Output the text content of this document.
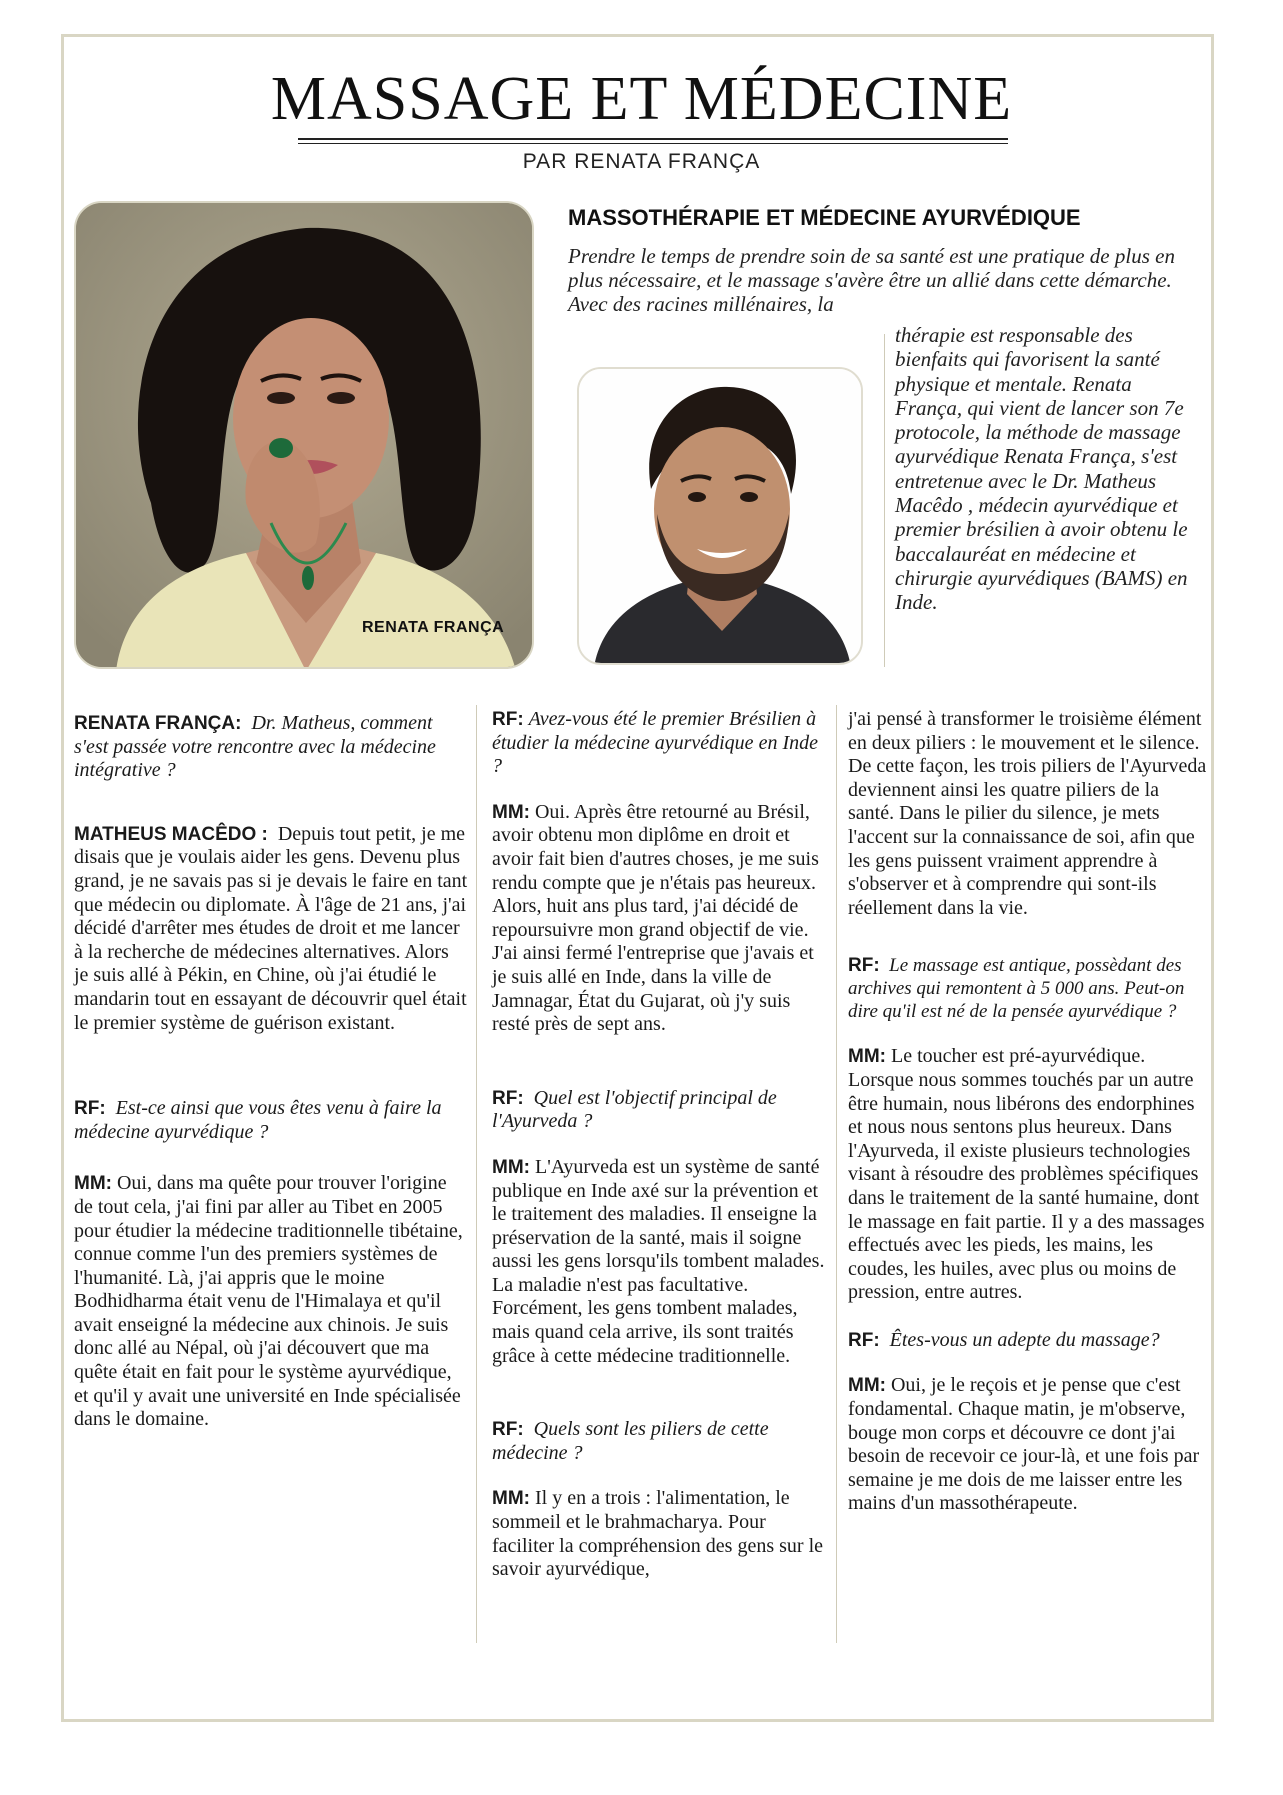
MASSAGE ET MÉDECINE
PAR RENATA FRANÇA
RENATA FRANÇA
MASSOTHÉRAPIE ET MÉDECINE AYURVÉDIQUE
Prendre le temps de prendre soin de sa santé est une pratique de plus en plus nécessaire, et le massage s'avère être un allié dans cette démarche. Avec des racines millénaires, la
thérapie est responsable des bienfaits qui favorisent la santé physique et mentale. Renata França, qui vient de lancer son 7e protocole, la méthode de massage ayurvédique Renata França, s'est entretenue avec le Dr. Matheus Macêdo , médecin ayurvédique et premier brésilien à avoir obtenu le baccalauréat en médecine et chirurgie ayurvédiques (BAMS) en Inde.

RENATA FRANÇA: Dr. Matheus, comment s'est passée votre rencontre avec la médecine intégrative ?

MATHEUS MACÊDO : Depuis tout petit, je me disais que je voulais aider les gens. Devenu plus grand, je ne savais pas si je devais le faire en tant que médecin ou diplomate. À l'âge de 21 ans, j'ai décidé d'arrêter mes études de droit et me lancer à la recherche de médecines alternatives. Alors je suis allé à Pékin, en Chine, où j'ai étudié le mandarin tout en essayant de découvrir quel était le premier système de guérison existant.

RF: Est-ce ainsi que vous êtes venu à faire la médecine ayurvédique ?

MM: Oui, dans ma quête pour trouver l'origine de tout cela, j'ai fini par aller au Tibet en 2005 pour étudier la médecine traditionnelle tibétaine, connue comme l'un des premiers systèmes de l'humanité. Là, j'ai appris que le moine Bodhidharma était venu de l'Himalaya et qu'il avait enseigné la médecine aux chinois. Je suis donc allé au Népal, où j'ai découvert que ma quête était en fait pour le système ayurvédique, et qu'il y avait une université en Inde spécialisée dans le domaine.

RF: Avez-vous été le premier Brésilien à étudier la médecine ayurvédique en Inde ?

MM: Oui. Après être retourné au Brésil, avoir obtenu mon diplôme en droit et avoir fait bien d'autres choses, je me suis rendu compte que je n'étais pas heureux. Alors, huit ans plus tard, j'ai décidé de repoursuivre mon grand objectif de vie. J'ai ainsi fermé l'entreprise que j'avais et je suis allé en Inde, dans la ville de Jamnagar, État du Gujarat, où j'y suis resté près de sept ans.

RF: Quel est l'objectif principal de l'Ayurveda ?

MM: L'Ayurveda est un système de santé publique en Inde axé sur la prévention et le traitement des maladies. Il enseigne la préservation de la santé, mais il soigne aussi les gens lorsqu'ils tombent malades. La maladie n'est pas facultative. Forcément, les gens tombent malades, mais quand cela arrive, ils sont traités grâce à cette médecine traditionnelle.

RF: Quels sont les piliers de cette médecine ?

MM: Il y en a trois : l'alimentation, le sommeil et le brahmacharya. Pour faciliter la compréhension des gens sur le savoir ayurvédique,

j'ai pensé à transformer le troisième élément en deux piliers : le mouvement et le silence. De cette façon, les trois piliers de l'Ayurveda deviennent ainsi les quatre piliers de la santé. Dans le pilier du silence, je mets l'accent sur la connaissance de soi, afin que les gens puissent vraiment apprendre à s'observer et à comprendre qui sont-ils réellement dans la vie.

RF: Le massage est antique, possèdant des archives qui remontent à 5 000 ans. Peut-on dire qu'il est né de la pensée ayurvédique ?

MM: Le toucher est pré-ayurvédique. Lorsque nous sommes touchés par un autre être humain, nous libérons des endorphines et nous nous sentons plus heureux. Dans l'Ayurveda, il existe plusieurs technologies visant à résoudre des problèmes spécifiques dans le traitement de la santé humaine, dont le massage en fait partie. Il y a des massages effectués avec les pieds, les mains, les coudes, les huiles, avec plus ou moins de pression, entre autres.

RF: Êtes-vous un adepte du massage?

MM: Oui, je le reçois et je pense que c'est fondamental. Chaque matin, je m'observe, bouge mon corps et découvre ce dont j'ai besoin de recevoir ce jour-là, et une fois par semaine je me dois de me laisser entre les mains d'un massothérapeute.
